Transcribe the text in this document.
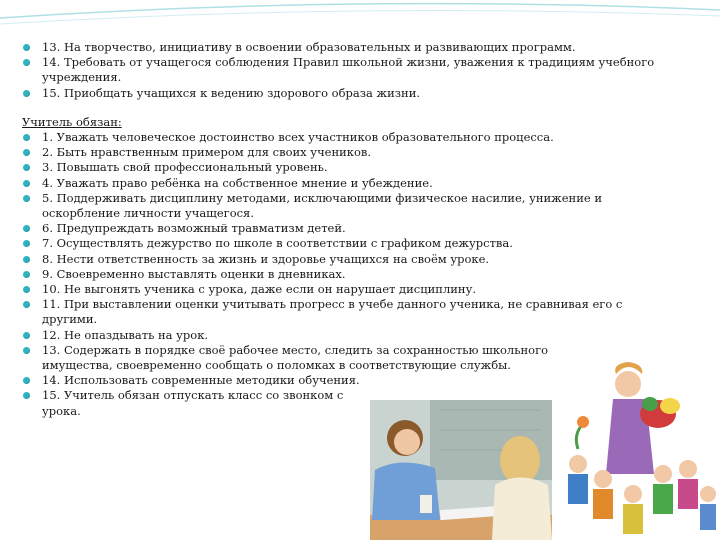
13. На творчество, инициативу в освоении образовательных и развивающих программ.
14. Требовать от учащегося соблюдения Правил школьной жизни, уважения к традициям учебного учреждения.
15. Приобщать учащихся к ведению здорового образа жизни.
Учитель обязан:
1. Уважать человеческое достоинство всех участников образовательного процесса.
2. Быть нравственным примером для своих учеников.
3. Повышать свой профессиональный уровень.
4. Уважать право ребёнка на собственное мнение и убеждение.
5. Поддерживать дисциплину методами, исключающими физическое насилие, унижение и оскорбление личности учащегося.
6. Предупреждать возможный травматизм детей.
7. Осуществлять дежурство по школе в соответствии с графиком дежурства.
8. Нести ответственность за жизнь и здоровье учащихся на своём уроке.
9. Своевременно выставлять оценки в дневниках.
10. Не выгонять ученика с урока, даже если он нарушает дисциплину.
11. При выставлении оценки учитывать прогресс в учебе данного ученика, не сравнивая его с другими.
12. Не опаздывать на урок.
13. Содержать в порядке своё рабочее место, следить за сохранностью школьного имущества, своевременно сообщать о поломках в соответствующие службы.
14. Использовать современные методики обучения.
15. Учитель обязан отпускать класс со звонком с урока.
